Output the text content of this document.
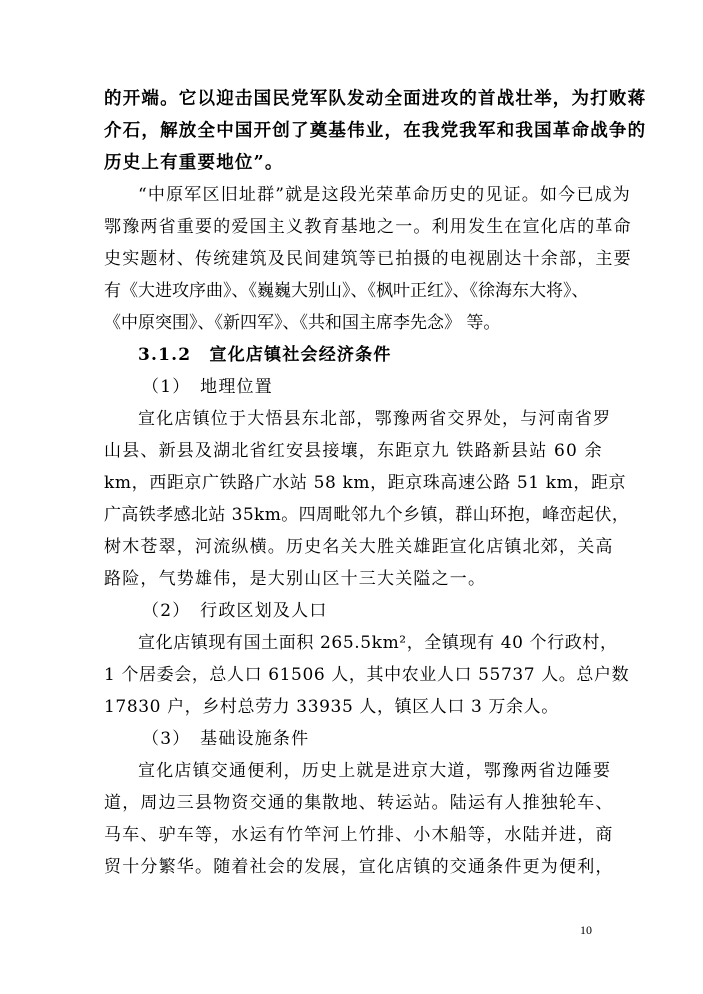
的开端。它以迎击国民党军队发动全面进攻的首战壮举，为打败蒋
介石，解放全中国开创了奠基伟业，在我党我军和我国革命战争的
历史上有重要地位”。
“中原军区旧址群”就是这段光荣革命历史的见证。如今已成为
鄂豫两省重要的爱国主义教育基地之一。利用发生在宣化店的革命
史实题材、传统建筑及民间建筑等已拍摄的电视剧达十余部，主要
有《大进攻序曲》、《巍巍大别山》、《枫叶正红》、《徐海东大将》、
《中原突围》、《新四军》、《共和国主席李先念》 等。
3.1.2　宣化店镇社会经济条件
（1）　地理位置
宣化店镇位于大悟县东北部，鄂豫两省交界处，与河南省罗
山县、新县及湖北省红安县接壤，东距京九 铁路新县站 60 余
km，西距京广铁路广水站 58 km，距京珠高速公路 51 km，距京
广高铁孝感北站 35km。四周毗邻九个乡镇，群山环抱，峰峦起伏，
树木苍翠，河流纵横。历史名关大胜关雄距宣化店镇北郊，关高
路险，气势雄伟，是大别山区十三大关隘之一。
（2）　行政区划及人口
宣化店镇现有国土面积 265.5km²，全镇现有 40 个行政村，
1 个居委会，总人口 61506 人，其中农业人口 55737 人。总户数
17830 户，乡村总劳力 33935 人，镇区人口 3 万余人。
（3）　基础设施条件
宣化店镇交通便利，历史上就是进京大道，鄂豫两省边陲要
道，周边三县物资交通的集散地、转运站。陆运有人推独轮车、
马车、驴车等，水运有竹竿河上竹排、小木船等，水陆并进，商
贸十分繁华。随着社会的发展，宣化店镇的交通条件更为便利，
10
